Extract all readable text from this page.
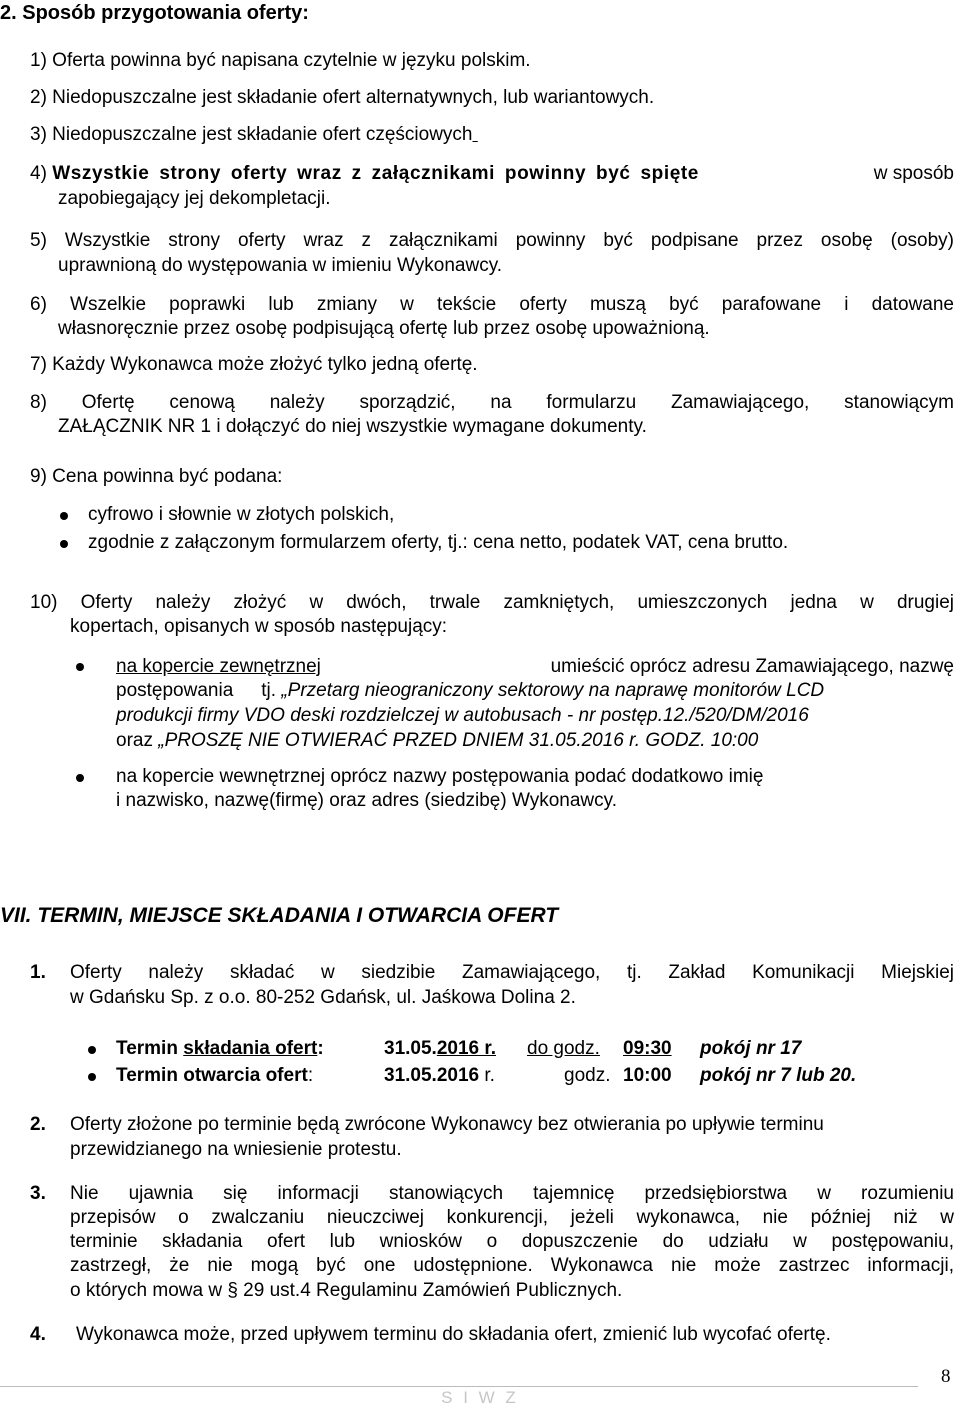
2. Sposób przygotowania oferty:
1) Oferta powinna być napisana czytelnie w języku polskim.
2) Niedopuszczalne jest składanie ofert alternatywnych, lub wariantowych.
3) Niedopuszczalne jest składanie ofert częściowych
4) Wszystkie strony oferty wraz z załącznikami powinny być spięte	w sposób
zapobiegający jej dekompletacji.
5) Wszystkie strony oferty wraz z załącznikami powinny być podpisane przez osobę (osoby)
uprawnioną do występowania w imieniu Wykonawcy.
6) Wszelkie poprawki lub zmiany w tekście oferty muszą być parafowane i datowane
własnoręcznie przez osobę podpisującą ofertę lub przez osobę upoważnioną.
7) Każdy Wykonawca może złożyć tylko jedną ofertę.
8) Ofertę cenową należy sporządzić, na formularzu Zamawiającego, stanowiącym
ZAŁĄCZNIK NR 1 i dołączyć do niej wszystkie wymagane dokumenty.
9) Cena powinna być podana:
cyfrowo i słownie w złotych polskich,
zgodnie z załączonym formularzem oferty, tj.: cena netto, podatek VAT, cena brutto.
10) Oferty należy złożyć w dwóch, trwale zamkniętych, umieszczonych jedna w drugiej
kopertach, opisanych w sposób następujący:
na kopercie zewnętrznej	umieścić oprócz adresu Zamawiającego, nazwę
postępowania tj. „Przetarg nieograniczony sektorowy na naprawę monitorów LCD
produkcji firmy VDO deski rozdzielczej w autobusach - nr postęp.12./520/DM/2016
oraz „PROSZĘ NIE OTWIERAĆ PRZED DNIEM 31.05.2016 r. GODZ. 10:00
na kopercie wewnętrznej oprócz nazwy postępowania podać dodatkowo imię
i nazwisko, nazwę(firmę) oraz adres (siedzibę) Wykonawcy.
VII. TERMIN, MIEJSCE SKŁADANIA I OTWARCIA OFERT
1. Oferty należy składać w siedzibie Zamawiającego, tj. Zakład Komunikacji Miejskiej
w Gdańsku Sp. z o.o. 80-252 Gdańsk, ul. Jaśkowa Dolina 2.
Termin składania ofert:	31.05.2016 r. do godz. 09:30 pokój nr 17
Termin otwarcia ofert:	31.05.2016 r.	godz. 10:00 pokój nr 7 lub 20.
2. Oferty złożone po terminie będą zwrócone Wykonawcy bez otwierania po upływie terminu
przewidzianego na wniesienie protestu.
3. Nie ujawnia się informacji stanowiących tajemnicę przedsiębiorstwa w rozumieniu
przepisów o zwalczaniu nieuczciwej konkurencji, jeżeli wykonawca, nie później niż w
terminie składania ofert lub wniosków o dopuszczenie do udziału w postępowaniu,
zastrzegł, że nie mogą być one udostępnione. Wykonawca nie może zastrzec informacji,
o których mowa w § 29 ust.4 Regulaminu Zamówień Publicznych.
4. Wykonawca może, przed upływem terminu do składania ofert, zmienić lub wycofać ofertę.
S I W Z
8
